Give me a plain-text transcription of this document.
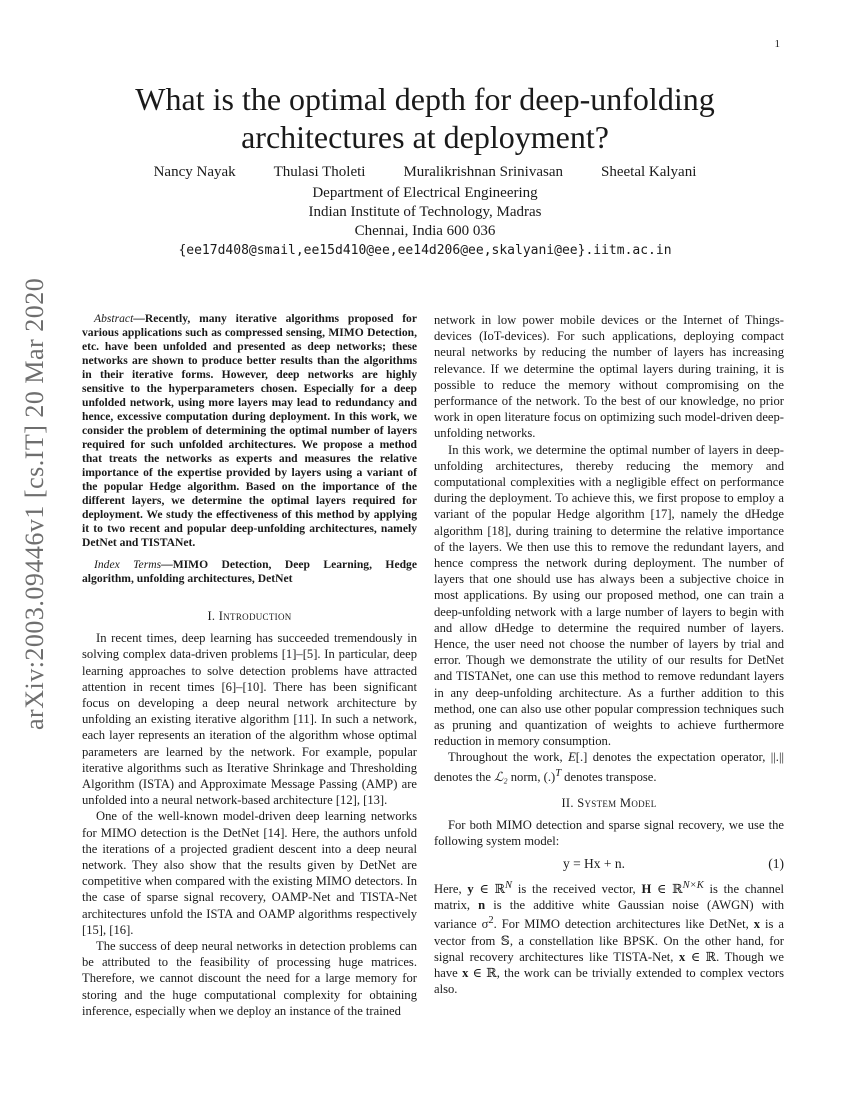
1
arXiv:2003.09446v1 [cs.IT] 20 Mar 2020
What is the optimal depth for deep-unfolding architectures at deployment?
Nancy Nayak	Thulasi Tholeti	Muralikrishnan Srinivasan	Sheetal Kalyani
Department of Electrical Engineering
Indian Institute of Technology, Madras
Chennai, India 600 036
{ee17d408@smail,ee15d410@ee,ee14d206@ee,skalyani@ee}.iitm.ac.in

Abstract—Recently, many iterative algorithms proposed for various applications such as compressed sensing, MIMO Detection, etc. have been unfolded and presented as deep networks; these networks are shown to produce better results than the algorithms in their iterative forms. However, deep networks are highly sensitive to the hyperparameters chosen. Especially for a deep unfolded network, using more layers may lead to redundancy and hence, excessive computation during deployment. In this work, we consider the problem of determining the optimal number of layers required for such unfolded architectures. We propose a method that treats the networks as experts and measures the relative importance of the expertise provided by layers using a variant of the popular Hedge algorithm. Based on the importance of the different layers, we determine the optimal layers required for deployment. We study the effectiveness of this method by applying it to two recent and popular deep-unfolding architectures, namely DetNet and TISTANet.

Index Terms—MIMO Detection, Deep Learning, Hedge algorithm, unfolding architectures, DetNet

I. Introduction

In recent times, deep learning has succeeded tremendously in solving complex data-driven problems [1]–[5]. In particular, deep learning approaches to solve detection problems have attracted attention in recent times [6]–[10]. There has been significant focus on developing a deep neural network architecture by unfolding an existing iterative algorithm [11]. In such a network, each layer represents an iteration of the algorithm whose optimal parameters are learned by the network. For example, popular iterative algorithms such as Iterative Shrinkage and Thresholding Algorithm (ISTA) and Approximate Message Passing (AMP) are unfolded into a neural network-based architecture [12], [13].

One of the well-known model-driven deep learning networks for MIMO detection is the DetNet [14]. Here, the authors unfold the iterations of a projected gradient descent into a deep neural network. They also show that the results given by DetNet are competitive when compared with the existing MIMO detectors. In the case of sparse signal recovery, OAMP-Net and TISTA-Net architectures unfold the ISTA and OAMP algorithms respectively [15], [16].

The success of deep neural networks in detection problems can be attributed to the feasibility of processing huge matrices. Therefore, we cannot discount the need for a large memory for storing and the huge computational complexity for obtaining inference, especially when we deploy an instance of the trained

network in low power mobile devices or the Internet of Things-devices (IoT-devices). For such applications, deploying compact neural networks by reducing the number of layers has increasing relevance. If we determine the optimal layers during training, it is possible to reduce the memory without compromising on the performance of the network. To the best of our knowledge, no prior work in open literature focus on optimizing such model-driven deep-unfolding networks.

In this work, we determine the optimal number of layers in deep-unfolding architectures, thereby reducing the memory and computational complexities with a negligible effect on performance during the deployment. To achieve this, we first propose to employ a variant of the popular Hedge algorithm [17], namely the dHedge algorithm [18], during training to determine the relative importance of the layers. We then use this to remove the redundant layers, and hence compress the network during deployment. The number of layers that one should use has always been a subjective choice in most applications. By using our proposed method, one can train a deep-unfolding network with a large number of layers to begin with and allow dHedge to determine the required number of layers. Hence, the user need not choose the number of layers by trial and error. Though we demonstrate the utility of our results for DetNet and TISTANet, one can use this method to remove redundant layers in any deep-unfolding architecture. As a further addition to this method, one can also use other popular compression techniques such as pruning and quantization of weights to achieve furthermore reduction in memory consumption.

Throughout the work, E[.] denotes the expectation operator, ||.|| denotes the ℒ₂ norm, (.)$^T$ denotes transpose.

II. System Model

For both MIMO detection and sparse signal recovery, we use the following system model:

y = Hx + n.	(1)

Here, y ∈ ℝ$^N$ is the received vector, H ∈ ℝ$^{N\times K}$ is the channel matrix, n is the additive white Gaussian noise (AWGN) with variance $\sigma^2$. For MIMO detection architectures like DetNet, x is a vector from 𝕊, a constellation like BPSK. On the other hand, for signal recovery architectures like TISTA-Net, x ∈ ℝ. Though we have x ∈ ℝ, the work can be trivially extended to complex vectors also.
